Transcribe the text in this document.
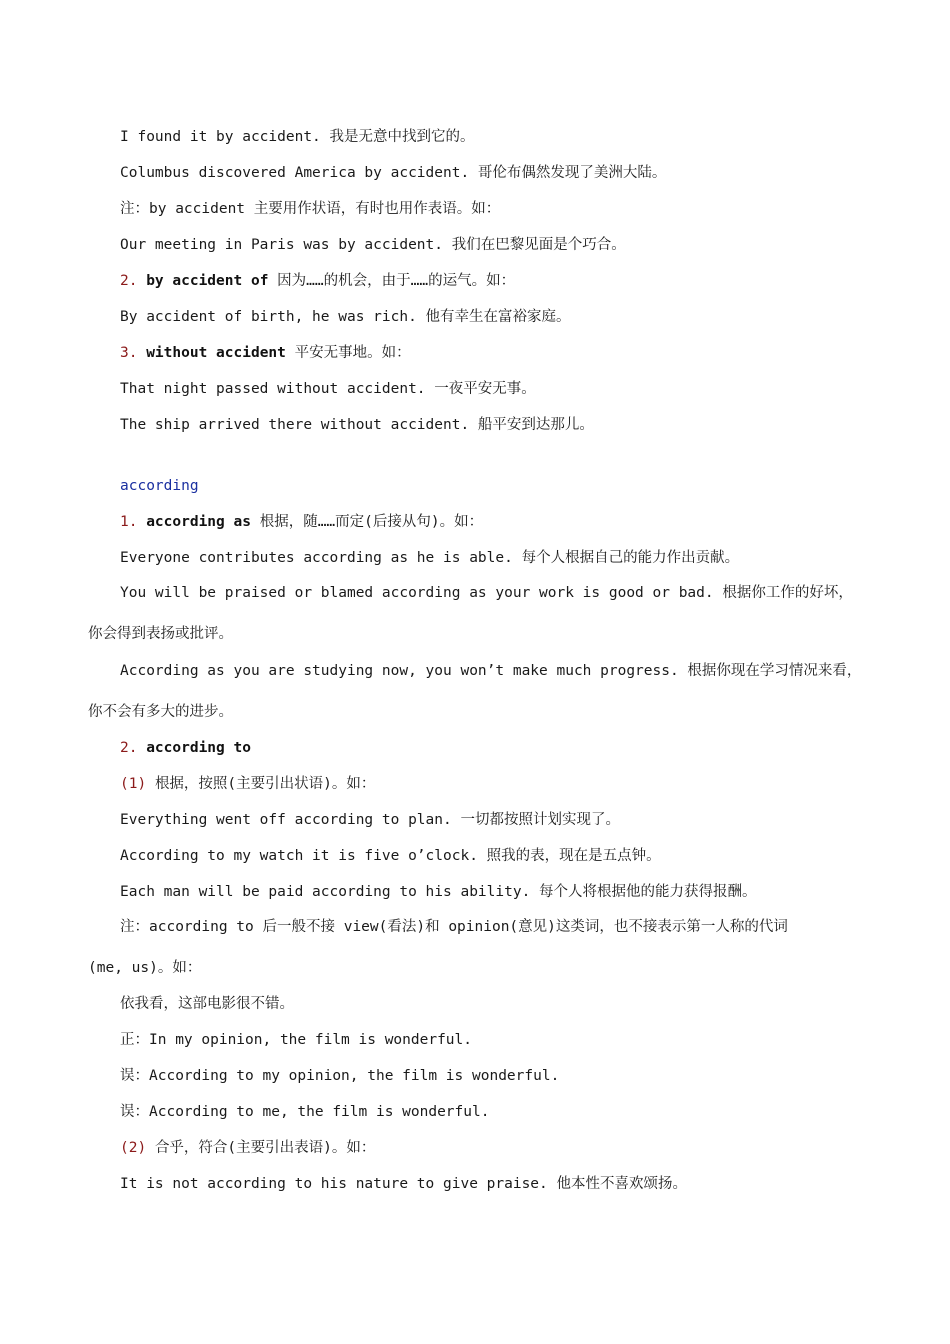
I found it by accident. 我是无意中找到它的。
Columbus discovered America by accident. 哥伦布偶然发现了美洲大陆。
注：by accident 主要用作状语，有时也用作表语。如：
Our meeting in Paris was by accident. 我们在巴黎见面是个巧合。
2. by accident of 因为……的机会，由于……的运气。如：
By accident of birth, he was rich. 他有幸生在富裕家庭。
3. without accident 平安无事地。如：
That night passed without accident. 一夜平安无事。
The ship arrived there without accident. 船平安到达那儿。
according
1. according as 根据，随……而定(后接从句)。如：
Everyone contributes according as he is able. 每个人根据自己的能力作出贡献。
You will be praised or blamed according as your work is good or bad. 根据你工作的好坏，
你会得到表扬或批评。
According as you are studying now, you won’t make much progress. 根据你现在学习情况来看，
你不会有多大的进步。
2. according to
(1) 根据，按照(主要引出状语)。如：
Everything went off according to plan. 一切都按照计划实现了。
According to my watch it is five o’clock. 照我的表，现在是五点钟。
Each man will be paid according to his ability. 每个人将根据他的能力获得报酬。
注：according to 后一般不接 view(看法)和 opinion(意见)这类词，也不接表示第一人称的代词
(me, us)。如：
依我看，这部电影很不错。
正：In my opinion, the film is wonderful.
误：According to my opinion, the film is wonderful.
误：According to me, the film is wonderful.
(2) 合乎，符合(主要引出表语)。如：
It is not according to his nature to give praise. 他本性不喜欢颂扬。
